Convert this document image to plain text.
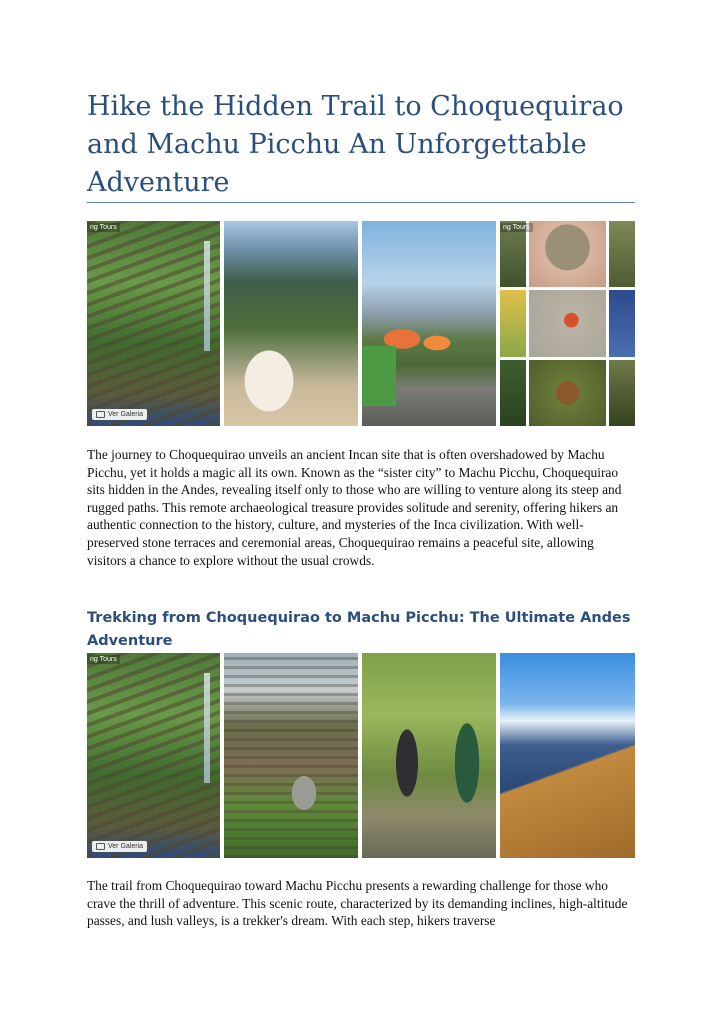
Hike the Hidden Trail to Choquequirao and Machu Picchu An Unforgettable Adventure
ng Tours
Ver Galeria
ng Tours

The journey to Choquequirao unveils an ancient Incan site that is often overshadowed by Machu Picchu, yet it holds a magic all its own. Known as the “sister city” to Machu Picchu, Choquequirao sits hidden in the Andes, revealing itself only to those who are willing to venture along its steep and rugged paths. This remote archaeological treasure provides solitude and serenity, offering hikers an authentic connection to the history, culture, and mysteries of the Inca civilization. With well-preserved stone terraces and ceremonial areas, Choquequirao remains a peaceful site, allowing visitors a chance to explore without the usual crowds.

Trekking from Choquequirao to Machu Picchu: The Ultimate Andes Adventure
ng Tours
Ver Galeria

The trail from Choquequirao toward Machu Picchu presents a rewarding challenge for those who crave the thrill of adventure. This scenic route, characterized by its demanding inclines, high-altitude passes, and lush valleys, is a trekker's dream. With each step, hikers traverse
